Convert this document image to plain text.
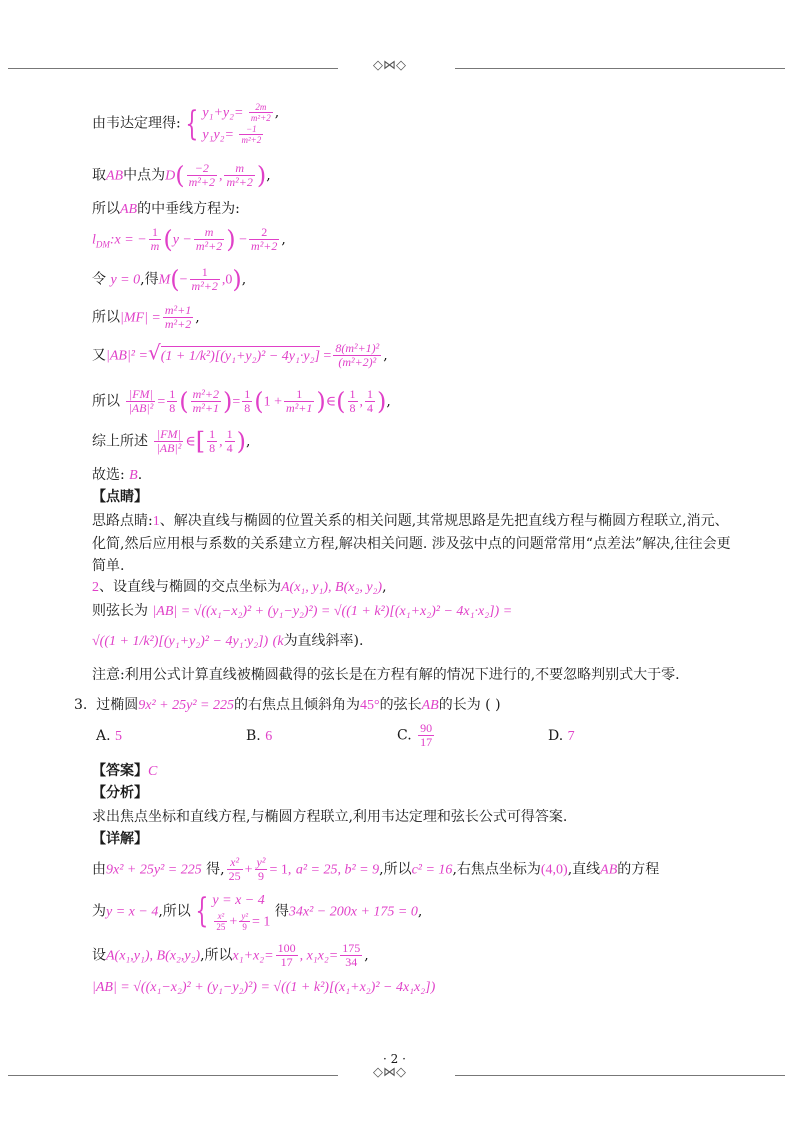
◇⋈◇
由韦达定理得: { $y_1+y_2= \frac{2m}{\text{m²+2}}$ ,
$y_1y_2= \frac{-1}{\text{m²+2}}$
取AB中点为$D( \frac{-2}{\text{m²+2}}$ , $\frac{m}{\text{m²+2}}$ ),
所以AB的中垂线方程为:
$l_{DM}:x$ = − $\frac{1}{m} (y - \frac{m}{\text{m²+2}}$ ) − $\frac{2}{\text{m²+2}}$ ,
令 y = 0,得$M(- \frac{1}{\text{m²+2}} ,0)$,
所以$|MF| = \frac{\text{m²+1}}{\text{m²+2}}$ ,
又$|AB|^2 =√(1 + 1/k^2)[(y_1+y_2)^2 - 4y_1\cdot y_2] = \frac{\text{8(m²+1)²}}{\text{(m²+2)²}}$ ,
所以 $\frac{|FM|}{\text{|AB|²}} = \frac{1}{8}$ ( $\frac{\text{m²+2}}{\text{m²+1}}$ )= $\frac{1}{8} (1 + \frac{1}{\text{m²+1}}$ )∈( $\frac{1}{8}$ , $\frac{1}{4}$ ),
综上所述 $\frac{|FM|}{\text{|AB|²}}$ ∈[ $\frac{1}{8}$ , $\frac{1}{4}$ ),
故选: B.
【点睛】
思路点睛:1、解决直线与椭圆的位置关系的相关问题,其常规思路是先把直线方程与椭圆方程联立,消元、化简,然后应用根与系数的关系建立方程,解决相关问题. 涉及弦中点的问题常常用“点差法”解决,往往会更简单.
2、设直线与椭圆的交点坐标为A(x₁, y₁), B(x₂, y₂),
则弦长为 |AB| = √((x₁−x₂)² + (y₁−y₂)²) = √((1 + k²)[(x₁+x₂)² − 4x₁·x₂]) =
√((1 + 1/k²)[(y₁+y₂)² − 4y₁·y₂]) (k为直线斜率).
注意:利用公式计算直线被椭圆截得的弦长是在方程有解的情况下进行的,不要忽略判别式大于零.
3. 过椭圆9x² + 25y² = 225的右焦点且倾斜角为45°的弦长AB的长为 ( )
A. 5	B. 6	C. $\frac{90}{17}$	D. 7
【答案】C
【分析】
求出焦点坐标和直线方程,与椭圆方程联立,利用韦达定理和弦长公式可得答案.
【详解】
由9x² + 25y² = 225 得, $\frac{\text{x²}}{25} + \frac{\text{y²}}{9} = 1$, a² = 25, b² = 9,所以c² = 16,右焦点坐标为(4,0),直线AB的方程
为y = x − 4,所以 { y = x − 4
$\frac{\text{x²}}{25} + \frac{\text{y²}}{9} = 1$
得34x² − 200x + 175 = 0,
设A(x₁,y₁), B(x₂,y₂),所以$x_1+x_2= \frac{100}{17}$ , $x_1x_2= \frac{175}{34}$ ,
|AB| = √((x₁−x₂)² + (y₁−y₂)²) = √((1 + k²)[(x₁+x₂)² − 4x₁x₂])
· 2 ·
◇⋈◇
